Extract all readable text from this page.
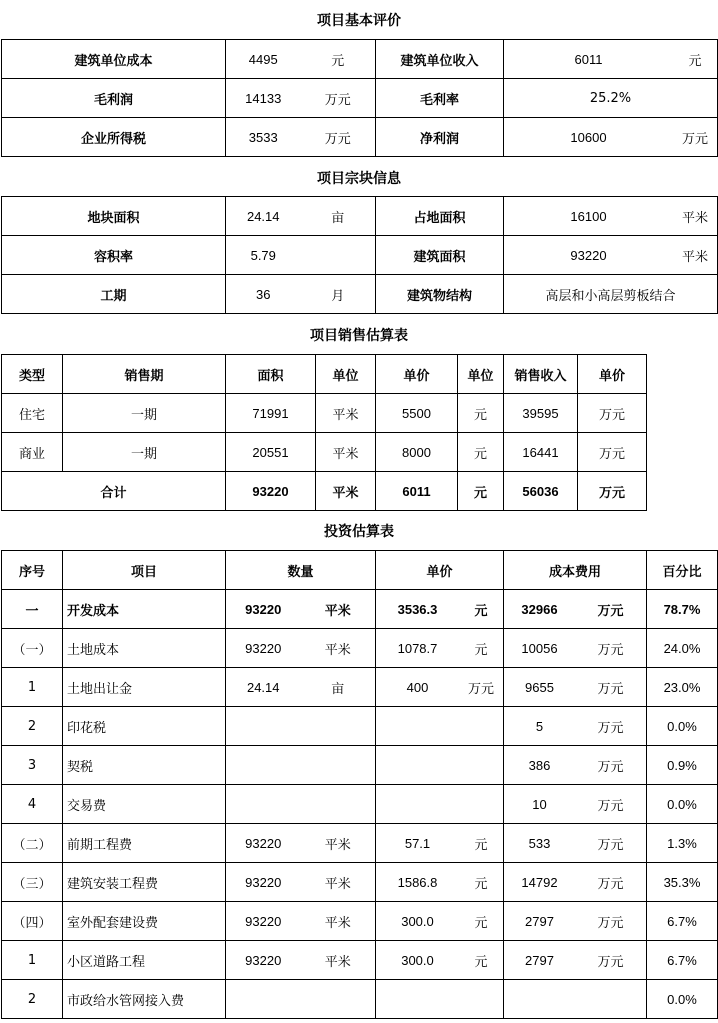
项目基本评价
建筑单位成本	4495 元	建筑单位收入	6011 元

毛利润	14133 万元	毛利率	25.2%
企业所得税	3533 万元	净利润	10600 万元
项目宗块信息
地块面积	24.14 亩	占地面积	16100 平米

容积率	5.79	建筑面积	93220 平米

工期	36 月	建筑物结构	高层和小高层剪板结合
项目销售估算表
类型	销售期	面积	单位	单价	单位	销售收入	单价
住宅	一期	71991	平米	5500	元	39595	万元
商业	一期	20551	平米	8000	元	16441	万元
合计		93220	平米	6011	元	56036	万元
投资估算表
序号	项目	数量	单价	成本费用	百分比
一	开发成本	93220 平米	3536.3 元	32966 万元	78.7%
（一）	土地成本	93220 平米	1078.7 元	10056 万元	24.0%
1	土地出让金	24.14 亩	400 万元	9655 万元	23.0%
2	印花税			5 万元	0.0%
3	契税			386 万元	0.9%
4	交易费			10 万元	0.0%
（二）	前期工程费	93220 平米	57.1 元	533 万元	1.3%
（三）	建筑安装工程费	93220 平米	1586.8 元	14792 万元	35.3%
（四）	室外配套建设费	93220 平米	300.0 元	2797 万元	6.7%
1	小区道路工程	93220 平米	300.0 元	2797 万元	6.7%
2	市政给水管网接入费				0.0%
